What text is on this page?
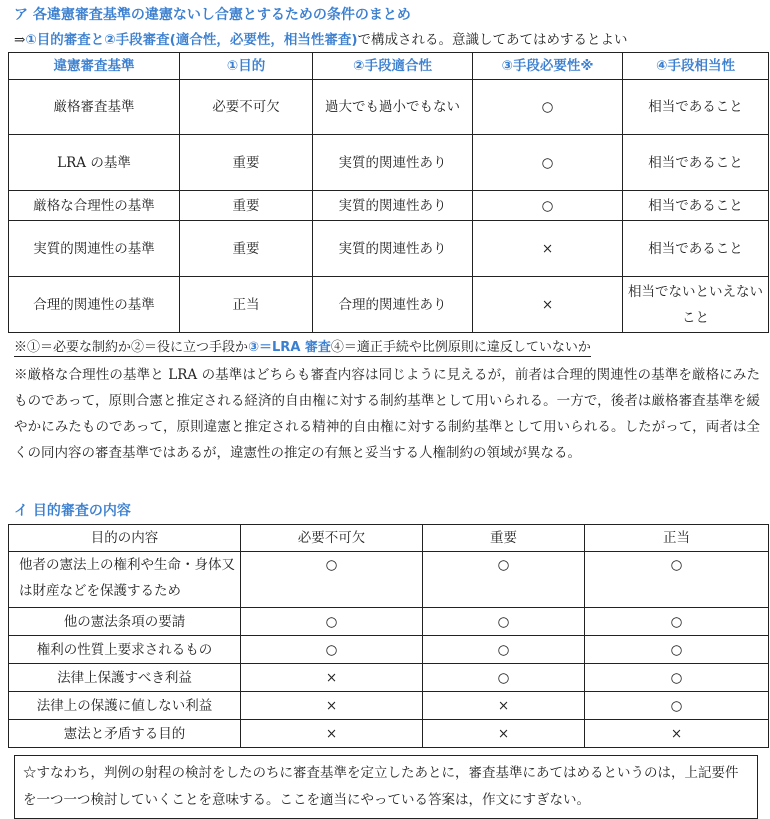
ア 各違憲審査基準の違憲ないし合憲とするための条件のまとめ
⇒①目的審査と②手段審査(適合性，必要性，相当性審査)で構成される。意識してあてはめするとよい
違憲審査基準	①目的	②手段適合性	③手段必要性※	④手段相当性
厳格審査基準	必要不可欠	過大でも過小でもない	○	相当であること
LRA の基準	重要	実質的関連性あり	○	相当であること
厳格な合理性の基準	重要	実質的関連性あり	○	相当であること
実質的関連性の基準	重要	実質的関連性あり	×	相当であること
合理的関連性の基準	正当	合理的関連性あり	×	相当でないといえないこと
※①＝必要な制約か②＝役に立つ手段か③＝LRA 審査④＝適正手続や比例原則に違反していないか
※厳格な合理性の基準と LRA の基準はどちらも審査内容は同じように見えるが，前者は合理的関連性の基準を厳格にみたものであって，原則合憲と推定される経済的自由権に対する制約基準として用いられる。一方で，後者は厳格審査基準を緩やかにみたものであって，原則違憲と推定される精神的自由権に対する制約基準として用いられる。したがって，両者は全くの同内容の審査基準ではあるが，違憲性の推定の有無と妥当する人権制約の領域が異なる。
イ 目的審査の内容
目的の内容	必要不可欠	重要	正当
他者の憲法上の権利や生命・身体又は財産などを保護するため	○	○	○
他の憲法条項の要請	○	○	○
権利の性質上要求されるもの	○	○	○
法律上保護すべき利益	×	○	○
法律上の保護に値しない利益	×	×	○
憲法と矛盾する目的	×	×	×
☆すなわち，判例の射程の検討をしたのちに審査基準を定立したあとに，審査基準にあてはめるというのは，上記要件を一つ一つ検討していくことを意味する。ここを適当にやっている答案は，作文にすぎない。
